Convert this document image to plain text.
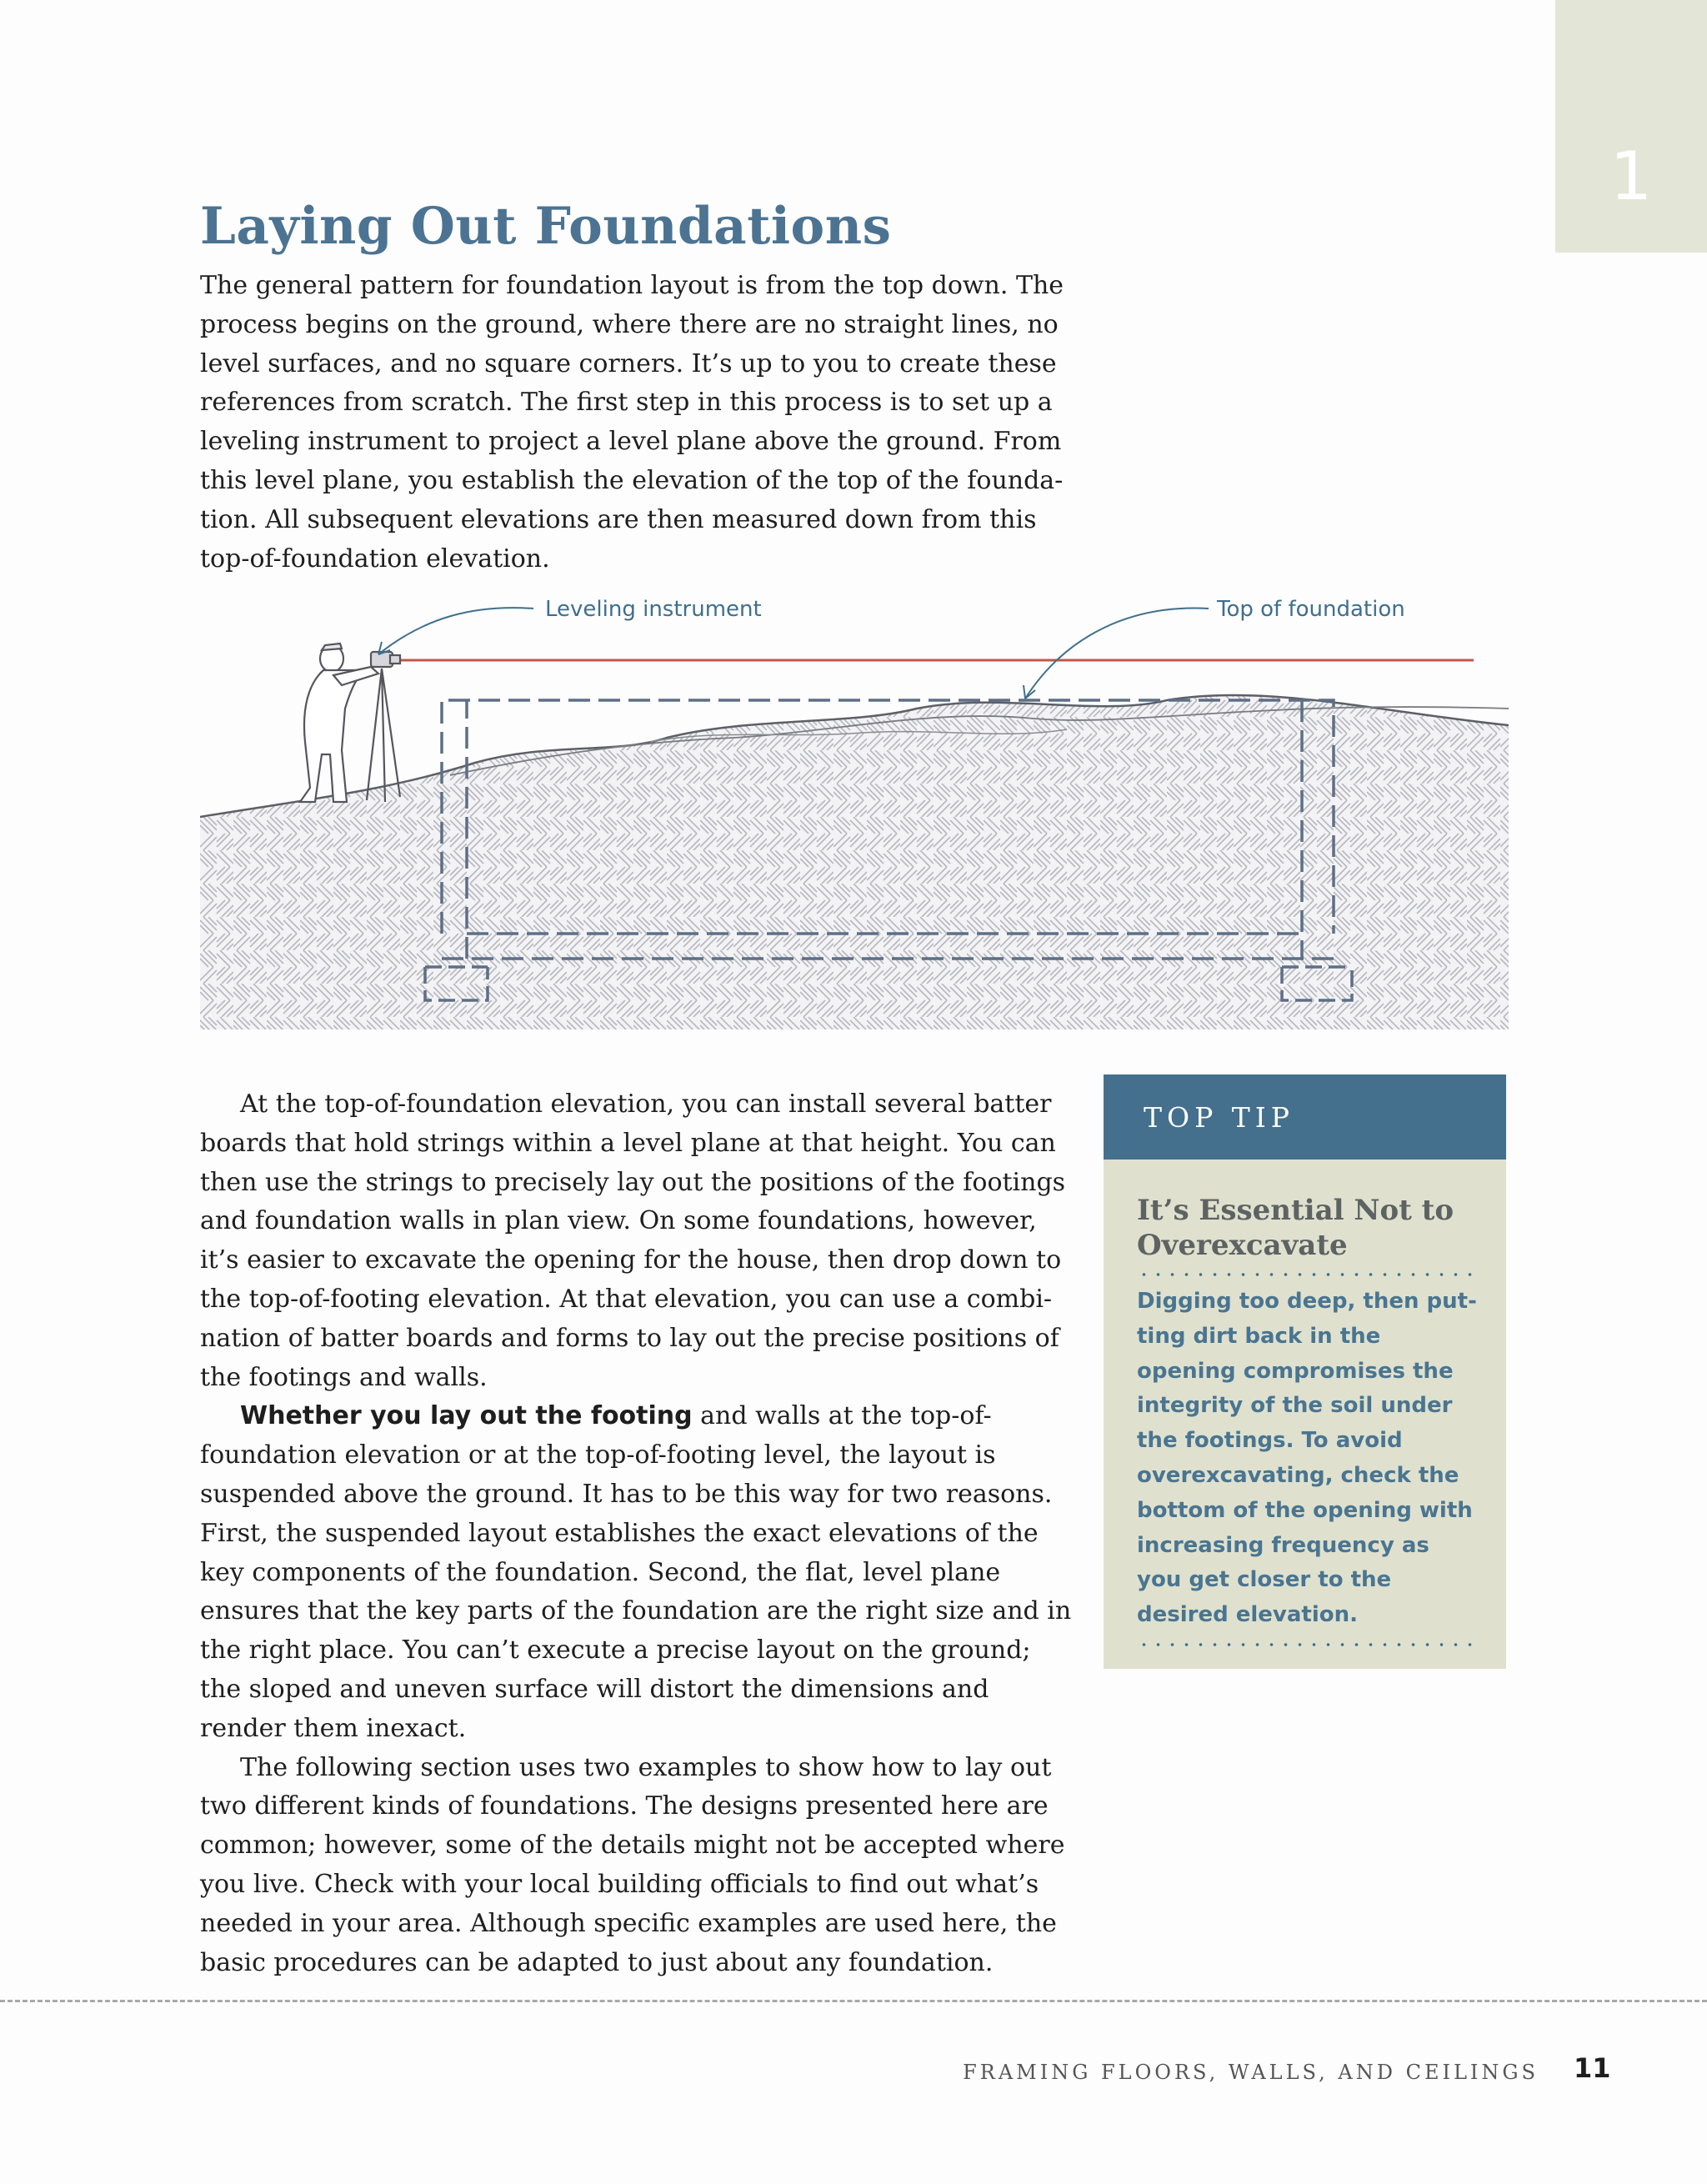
1
Laying Out Foundations

The general pattern for foundation layout is from the top down. The process begins on the ground, where there are no straight lines, no level surfaces, and no square corners. It’s up to you to create these references from scratch. The first step in this process is to set up a leveling instrument to project a level plane above the ground. From this level plane, you establish the elevation of the top of the founda-tion. All subsequent elevations are then measured down from this top-of-foundation elevation.

Leveling instrument	Top of foundation

At the top-of-foundation elevation, you can install several batter boards that hold strings within a level plane at that height. You can then use the strings to precisely lay out the positions of the footings and foundation walls in plan view. On some foundations, however, it’s easier to excavate the opening for the house, then drop down to the top-of-footing elevation. At that elevation, you can use a combi-nation of batter boards and forms to lay out the precise positions of the footings and walls.

Whether you lay out the footing and walls at the top-of-foundation elevation or at the top-of-footing level, the layout is suspended above the ground. It has to be this way for two reasons. First, the suspended layout establishes the exact elevations of the key components of the foundation. Second, the flat, level plane ensures that the key parts of the foundation are the right size and in the right place. You can’t execute a precise layout on the ground; the sloped and uneven surface will distort the dimensions and render them inexact.

The following section uses two examples to show how to lay out two different kinds of foundations. The designs presented here are common; however, some of the details might not be accepted where you live. Check with your local building officials to find out what’s needed in your area. Although specific examples are used here, the basic procedures can be adapted to just about any foundation.

TOP TIP
It’s Essential Not to Overexcavate
Digging too deep, then put-ting dirt back in the opening compromises the integrity of the soil under the footings. To avoid overexcavating, check the bottom of the opening with increasing frequency as you get closer to the desired elevation.
FRAMING FLOORS, WALLS, AND CEILINGS 11
